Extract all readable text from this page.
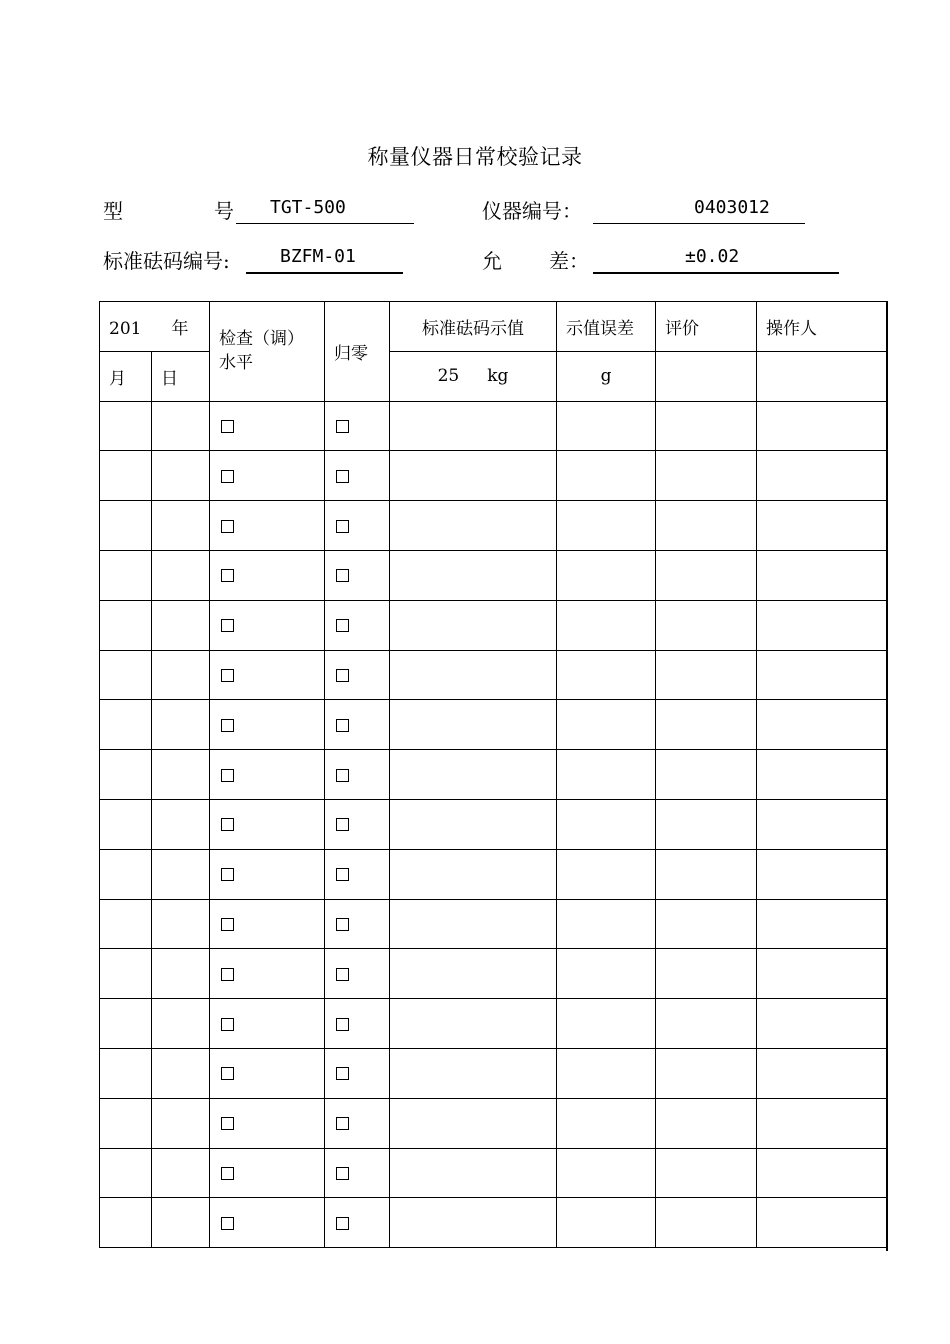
称量仪器日常校验记录
型	号 TGT-500	仪器编号：	0403012
标准砝码编号:	BZFM-01	允 差：	±0.02
201 年		检查（调）水平	归零	标准砝码示值	示值误差	评价	操作人
月	日			25 kg	g		
